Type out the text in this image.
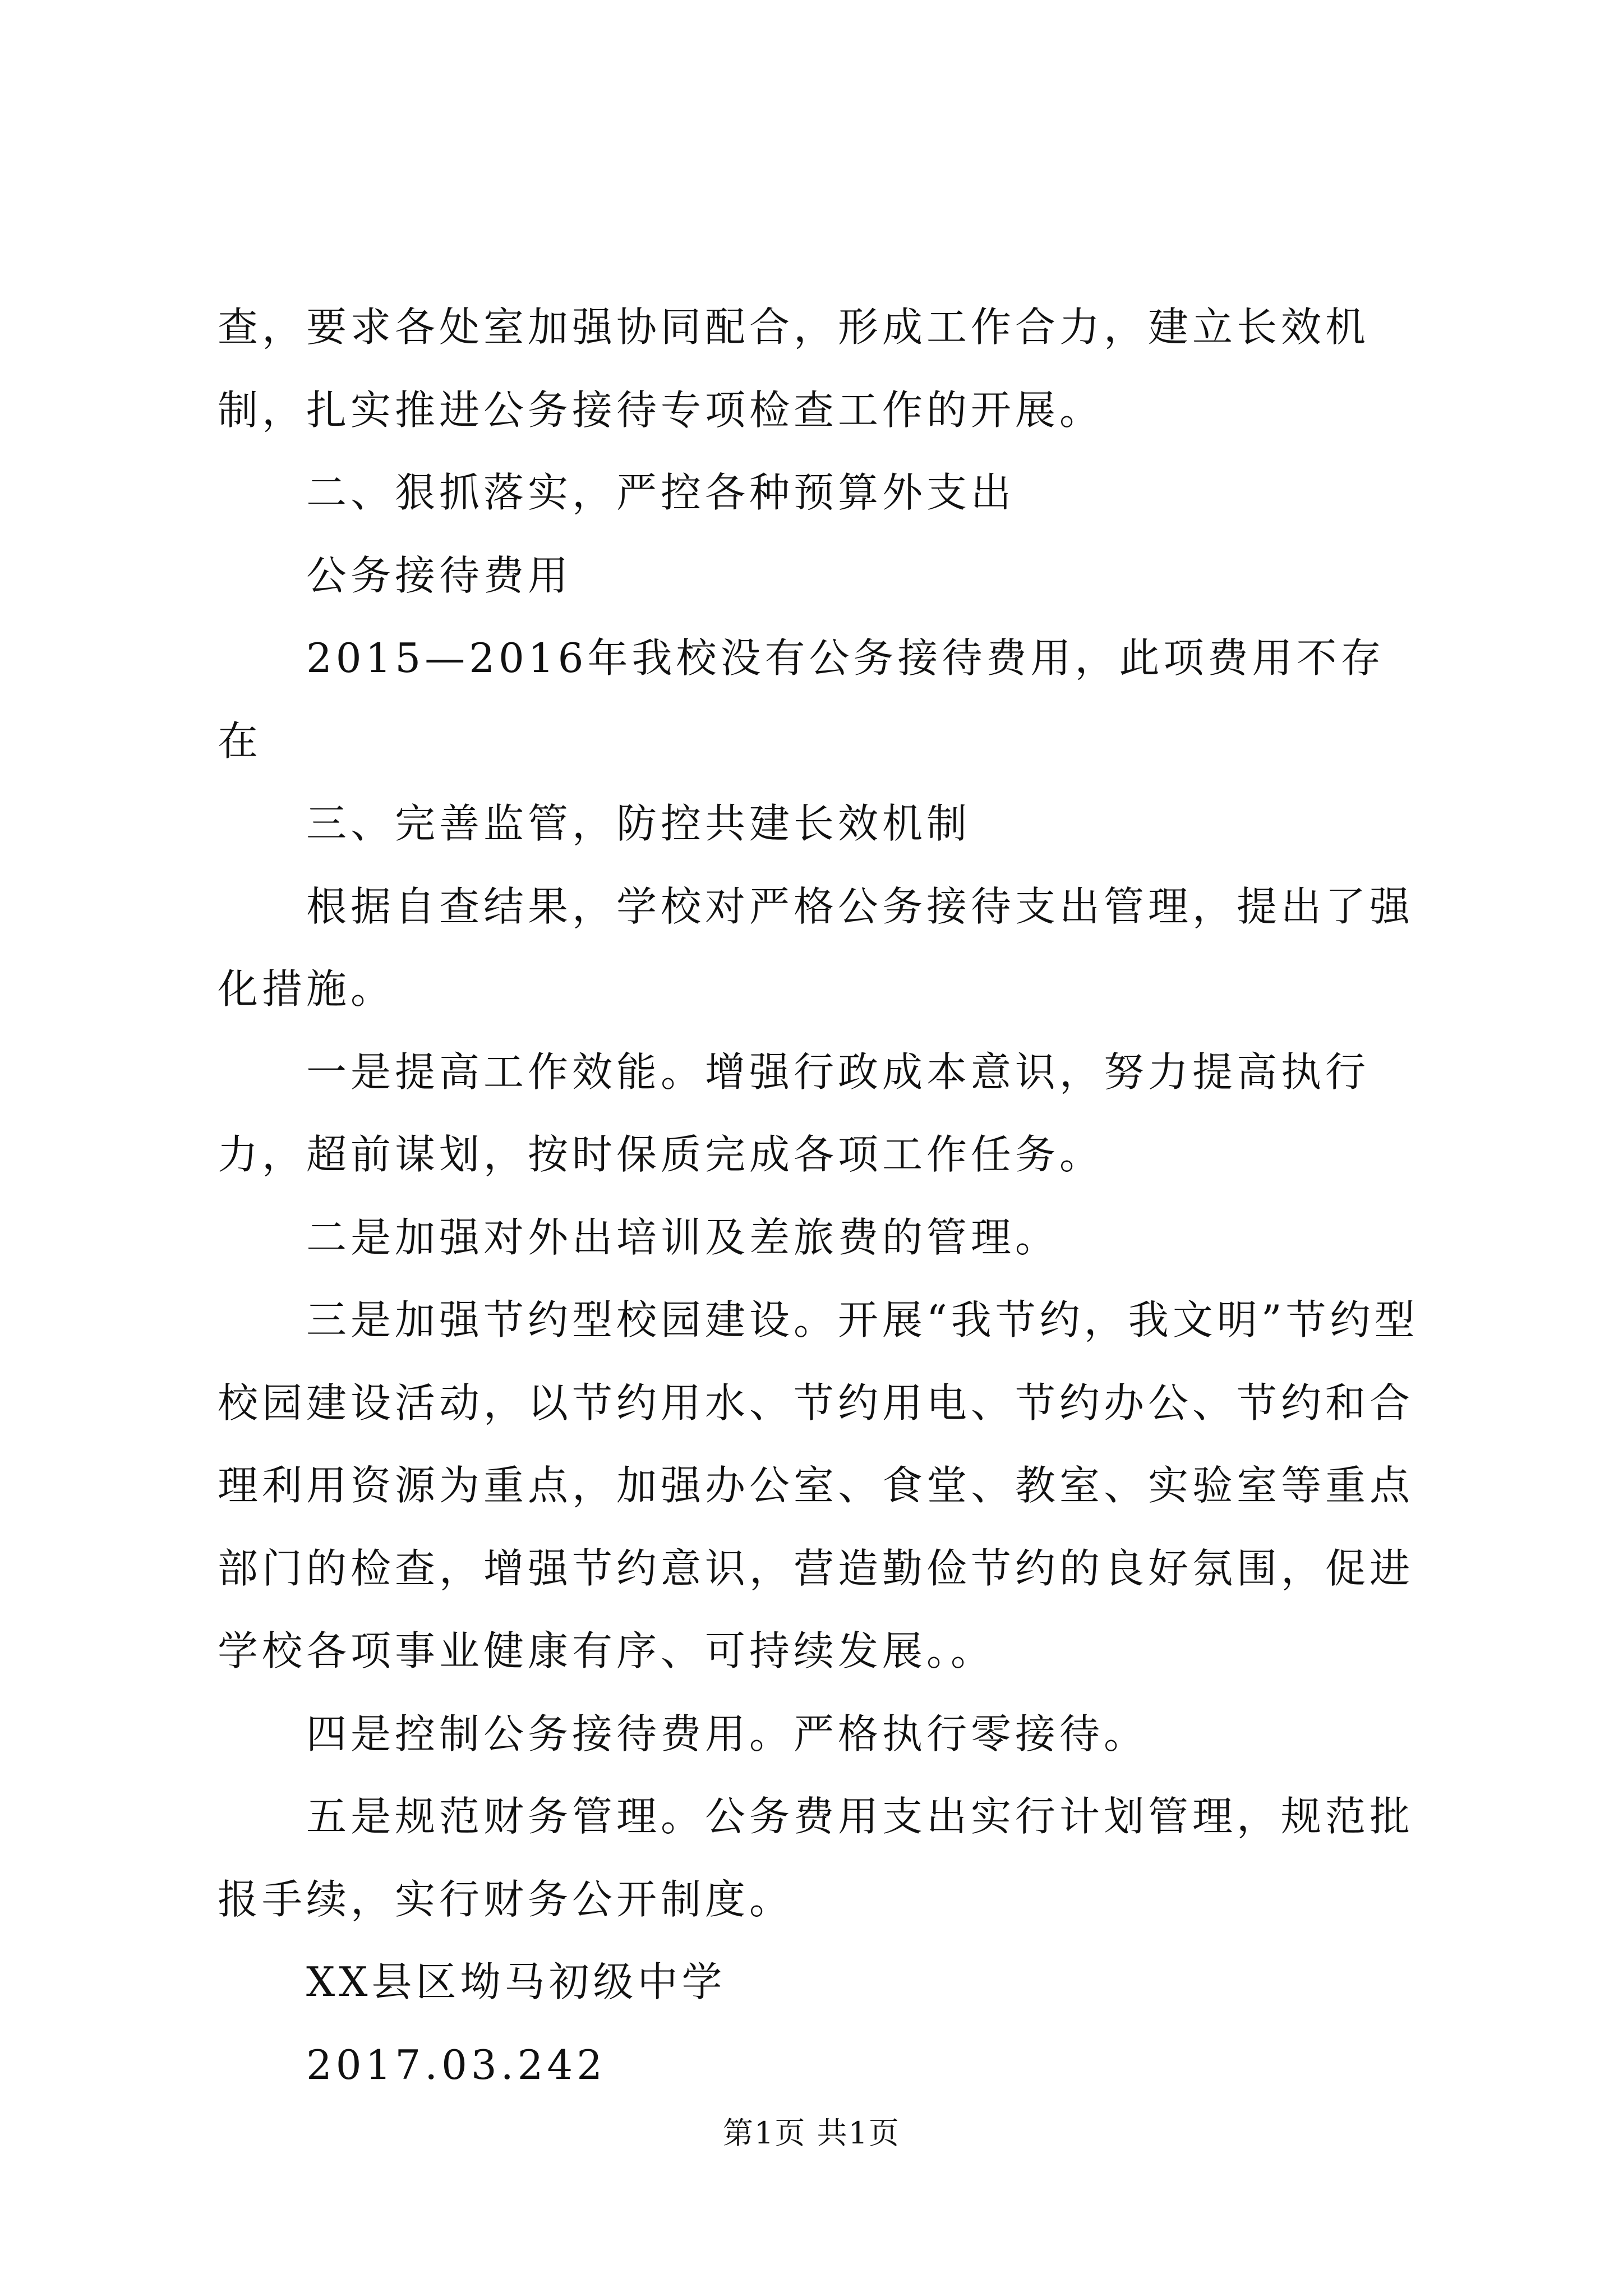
查，要求各处室加强协同配合，形成工作合力，建立长效机制，扎实推进公务接待专项检查工作的开展。

二、狠抓落实，严控各种预算外支出

公务接待费用

2015—2016年我校没有公务接待费用，此项费用不存在

三、完善监管，防控共建长效机制

根据自查结果，学校对严格公务接待支出管理，提出了强化措施。

一是提高工作效能。增强行政成本意识，努力提高执行力，超前谋划，按时保质完成各项工作任务。

二是加强对外出培训及差旅费的管理。

三是加强节约型校园建设。开展“我节约，我文明”节约型校园建设活动，以节约用水、节约用电、节约办公、节约和合理利用资源为重点，加强办公室、食堂、教室、实验室等重点部门的检查，增强节约意识，营造勤俭节约的良好氛围，促进学校各项事业健康有序、可持续发展。。

四是控制公务接待费用。严格执行零接待。

五是规范财务管理。公务费用支出实行计划管理，规范批报手续，实行财务公开制度。

XX县区坳马初级中学

2017.03.242

第1页 共1页
